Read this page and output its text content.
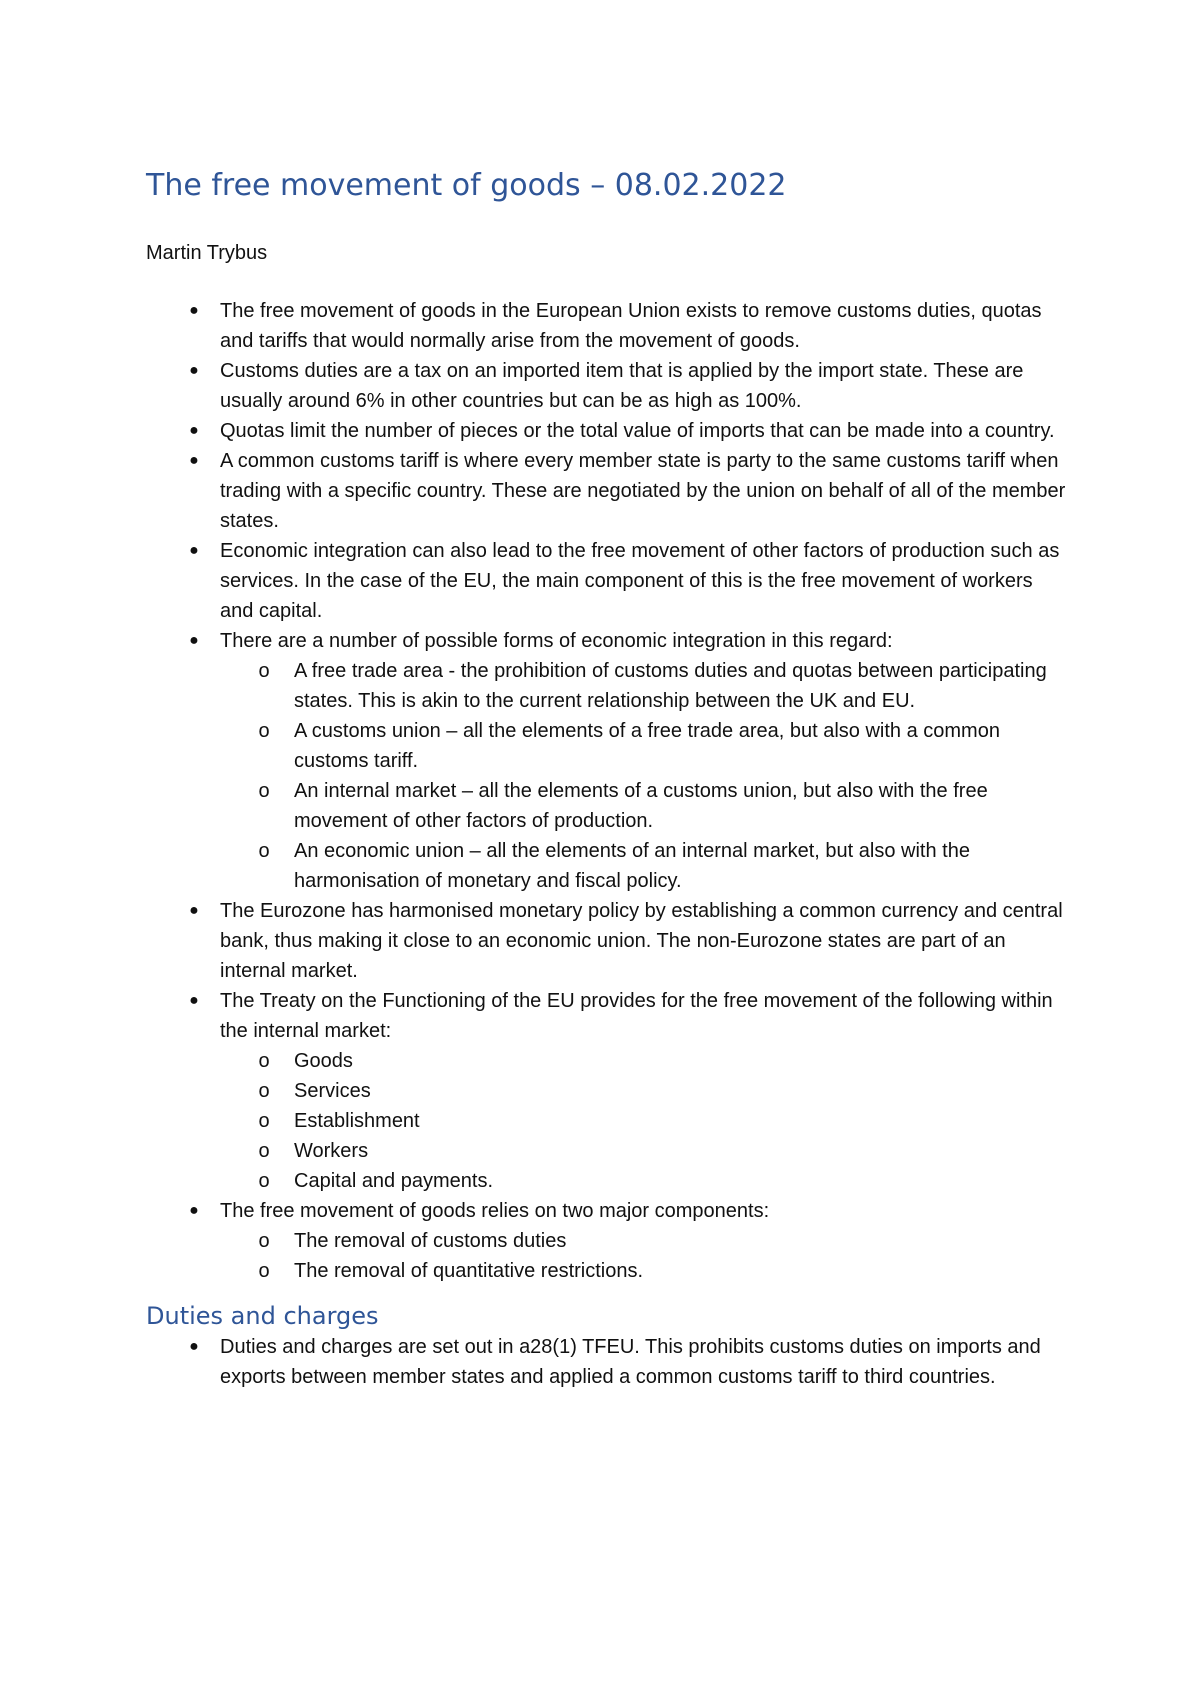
The free movement of goods – 08.02.2022

Martin Trybus

● The free movement of goods in the European Union exists to remove customs duties, quotas and tariffs that would normally arise from the movement of goods.
● Customs duties are a tax on an imported item that is applied by the import state. These are usually around 6% in other countries but can be as high as 100%.
● Quotas limit the number of pieces or the total value of imports that can be made into a country.
● A common customs tariff is where every member state is party to the same customs tariff when trading with a specific country. These are negotiated by the union on behalf of all of the member states.
● Economic integration can also lead to the free movement of other factors of production such as services. In the case of the EU, the main component of this is the free movement of workers and capital.
● There are a number of possible forms of economic integration in this regard:
o A free trade area - the prohibition of customs duties and quotas between participating states. This is akin to the current relationship between the UK and EU.
o A customs union – all the elements of a free trade area, but also with a common customs tariff.
o An internal market – all the elements of a customs union, but also with the free movement of other factors of production.
o An economic union – all the elements of an internal market, but also with the harmonisation of monetary and fiscal policy.
● The Eurozone has harmonised monetary policy by establishing a common currency and central bank, thus making it close to an economic union. The non-Eurozone states are part of an internal market.
● The Treaty on the Functioning of the EU provides for the free movement of the following within the internal market:
o Goods
o Services
o Establishment
o Workers
o Capital and payments.
● The free movement of goods relies on two major components:
o The removal of customs duties
o The removal of quantitative restrictions.
Duties and charges
● Duties and charges are set out in a28(1) TFEU. This prohibits customs duties on imports and exports between member states and applied a common customs tariff to third countries.
